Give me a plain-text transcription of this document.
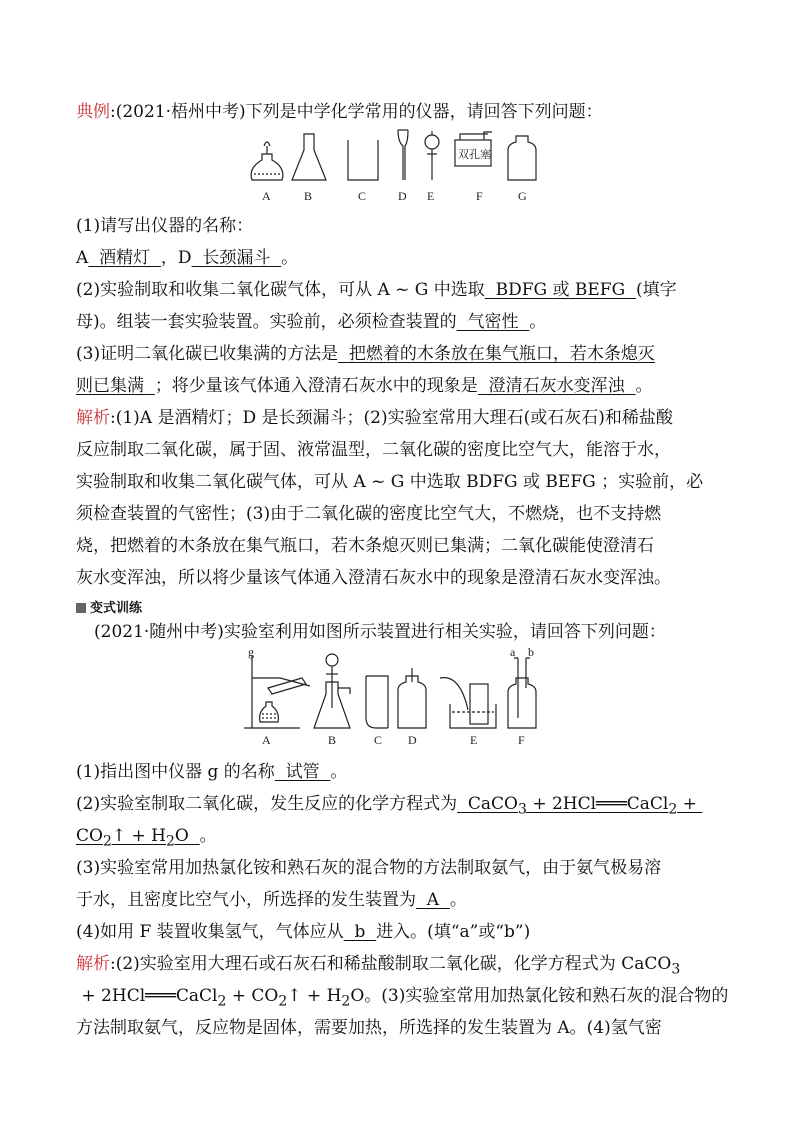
典例:(2021·梧州中考)下列是中学化学常用的仪器，请回答下列问题：
A	B	C	D E	F	G
双孔塞
(1)请写出仪器的名称：
A  酒精灯  ，D  长颈漏斗  。
(2)实验制取和收集二氧化碳气体，可从 A ~ G 中选取  BDFG 或 BEFG  (填字
母)。组装一套实验装置。实验前，必须检查装置的  气密性  。
(3)证明二氧化碳已收集满的方法是  把燃着的木条放在集气瓶口，若木条熄灭
则已集满  ；将少量该气体通入澄清石灰水中的现象是  澄清石灰水变浑浊  。
解析:(1)A 是酒精灯；D 是长颈漏斗；(2)实验室常用大理石(或石灰石)和稀盐酸
反应制取二氧化碳，属于固、液常温型，二氧化碳的密度比空气大，能溶于水，
实验制取和收集二氧化碳气体，可从 A ~ G 中选取 BDFG 或 BEFG ；实验前，必
须检查装置的气密性；(3)由于二氧化碳的密度比空气大，不燃烧，也不支持燃
烧，把燃着的木条放在集气瓶口，若木条熄灭则已集满；二氧化碳能使澄清石
灰水变浑浊，所以将少量该气体通入澄清石灰水中的现象是澄清石灰水变浑浊。
变式训练
(2021·随州中考)实验室利用如图所示装置进行相关实验，请回答下列问题：
A	B	C D	E	F
g	a b
(1)指出图中仪器 g 的名称  试管  。
(2)实验室制取二氧化碳，发生反应的化学方程式为  CaCO$_3$ + 2HCl═══CaCl$_2$ +
$CO_2↑ + H_2O$  。
(3)实验室常用加热氯化铵和熟石灰的混合物的方法制取氨气，由于氨气极易溶
于水，且密度比空气小，所选择的发生装置为  A  。
(4)如用 F 装置收集氢气，气体应从  b  进入。(填“a”或“b”)
解析:(2)实验室用大理石或石灰石和稀盐酸制取二氧化碳，化学方程式为 CaCO$_3$
+ 2HCl═══CaCl$_2$ + $CO_2↑ + H_2O$。(3)实验室常用加热氯化铵和熟石灰的混合物的
方法制取氨气，反应物是固体，需要加热，所选择的发生装置为 A。(4)氢气密
